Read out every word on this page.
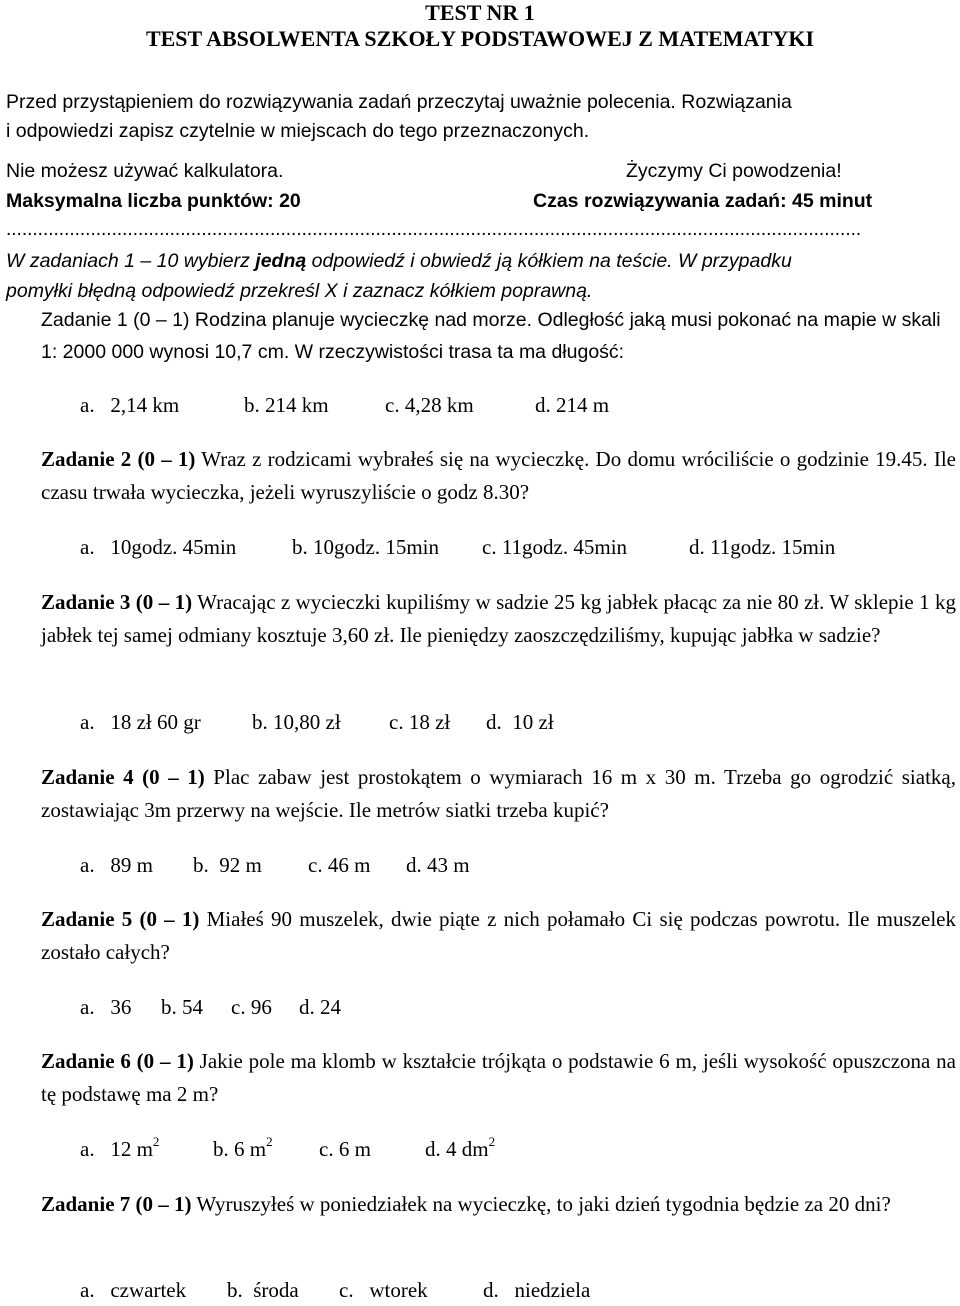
TEST NR 1
TEST ABSOLWENTA SZKOŁY PODSTAWOWEJ Z MATEMATYKI
Przed przystąpieniem do rozwiązywania zadań przeczytaj uważnie polecenia. Rozwiązania
i odpowiedzi zapisz czytelnie w miejscach do tego przeznaczonych.
Nie możesz używać kalkulatora.	Życzymy Ci powodzenia!
Maksymalna liczba punktów: 20	Czas rozwiązywania zadań: 45 minut
..................................................................................................................................................................
W zadaniach 1 – 10 wybierz jedną odpowiedź i obwiedź ją kółkiem na teście. W przypadku
pomyłki błędną odpowiedź przekreśl X i zaznacz kółkiem poprawną.
Zadanie 1 (0 – 1) Rodzina planuje wycieczkę nad morze. Odległość jaką musi pokonać na mapie w skali 1: 2000 000 wynosi 10,7 cm. W rzeczywistości trasa ta ma długość:
a.   2,14 km	b. 214 km	c. 4,28 km	d. 214 m
Zadanie 2 (0 – 1) Wraz z rodzicami wybrałeś się na wycieczkę. Do domu wróciliście o godzinie 19.45. Ile czasu trwała wycieczka, jeżeli wyruszyliście o godz 8.30?
a.   10godz. 45min	b. 10godz. 15min c. 11godz. 45min	d. 11godz. 15min
Zadanie 3 (0 – 1) Wracając z wycieczki kupiliśmy w sadzie 25 kg jabłek płacąc za nie 80 zł. W sklepie 1 kg jabłek tej samej odmiany kosztuje 3,60 zł. Ile pieniędzy zaoszczędziliśmy, kupując jabłka w sadzie?
a.   18 zł 60 gr b. 10,80 zł c. 18 zł d.  10 zł
Zadanie 4 (0 – 1) Plac zabaw jest prostokątem o wymiarach 16 m x 30 m. Trzeba go ogrodzić siatką, zostawiając 3m przerwy na wejście. Ile metrów siatki trzeba kupić?
a.   89 m b.  92 m c. 46 m d. 43 m
Zadanie 5 (0 – 1) Miałeś 90 muszelek, dwie piąte z nich połamało Ci się podczas powrotu. Ile muszelek zostało całych?
a.   36 b. 54 c. 96 d. 24
Zadanie 6 (0 – 1) Jakie pole ma klomb w kształcie trójkąta o podstawie 6 m, jeśli wysokość opuszczona na tę podstawę ma 2 m?
a.   12 $m^2$	b. 6 $m^2$ c. 6 m	d. 4 $dm^2$
Zadanie 7 (0 – 1) Wyruszyłeś w poniedziałek na wycieczkę, to jaki dzień tygodnia będzie za 20 dni?
a.   czwartek b.  środa c.   wtorek	d.   niedziela
